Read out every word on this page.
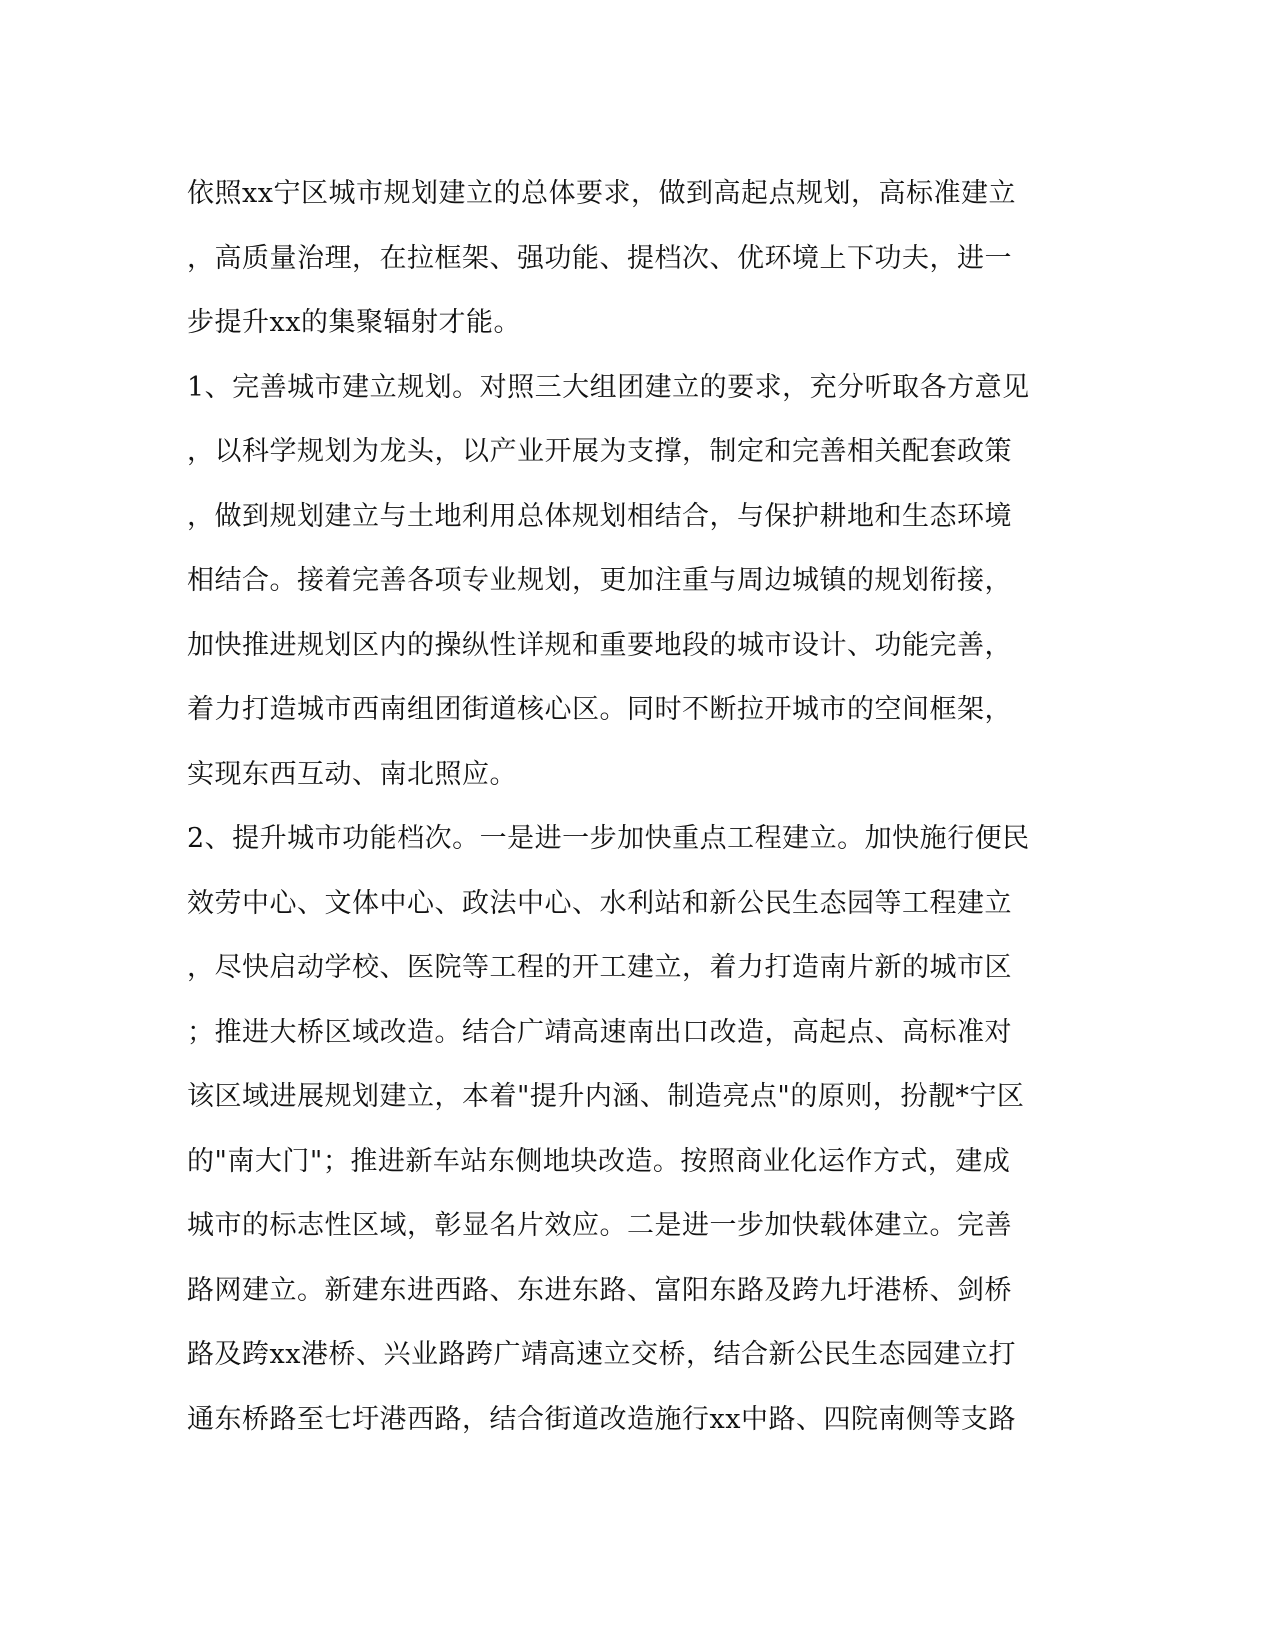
依照xx宁区城市规划建立的总体要求，做到高起点规划，高标准建立
，高质量治理，在拉框架、强功能、提档次、优环境上下功夫，进一
步提升xx的集聚辐射才能。
1、完善城市建立规划。对照三大组团建立的要求，充分听取各方意见
，以科学规划为龙头，以产业开展为支撑，制定和完善相关配套政策
，做到规划建立与土地利用总体规划相结合，与保护耕地和生态环境
相结合。接着完善各项专业规划，更加注重与周边城镇的规划衔接，
加快推进规划区内的操纵性详规和重要地段的城市设计、功能完善，
着力打造城市西南组团街道核心区。同时不断拉开城市的空间框架，
实现东西互动、南北照应。
2、提升城市功能档次。一是进一步加快重点工程建立。加快施行便民
效劳中心、文体中心、政法中心、水利站和新公民生态园等工程建立
，尽快启动学校、医院等工程的开工建立，着力打造南片新的城市区
；推进大桥区域改造。结合广靖高速南出口改造，高起点、高标准对
该区域进展规划建立，本着"提升内涵、制造亮点"的原则，扮靓*宁区
的"南大门"；推进新车站东侧地块改造。按照商业化运作方式，建成
城市的标志性区域，彰显名片效应。二是进一步加快载体建立。完善
路网建立。新建东进西路、东进东路、富阳东路及跨九圩港桥、剑桥
路及跨xx港桥、兴业路跨广靖高速立交桥，结合新公民生态园建立打
通东桥路至七圩港西路，结合街道改造施行xx中路、四院南侧等支路
